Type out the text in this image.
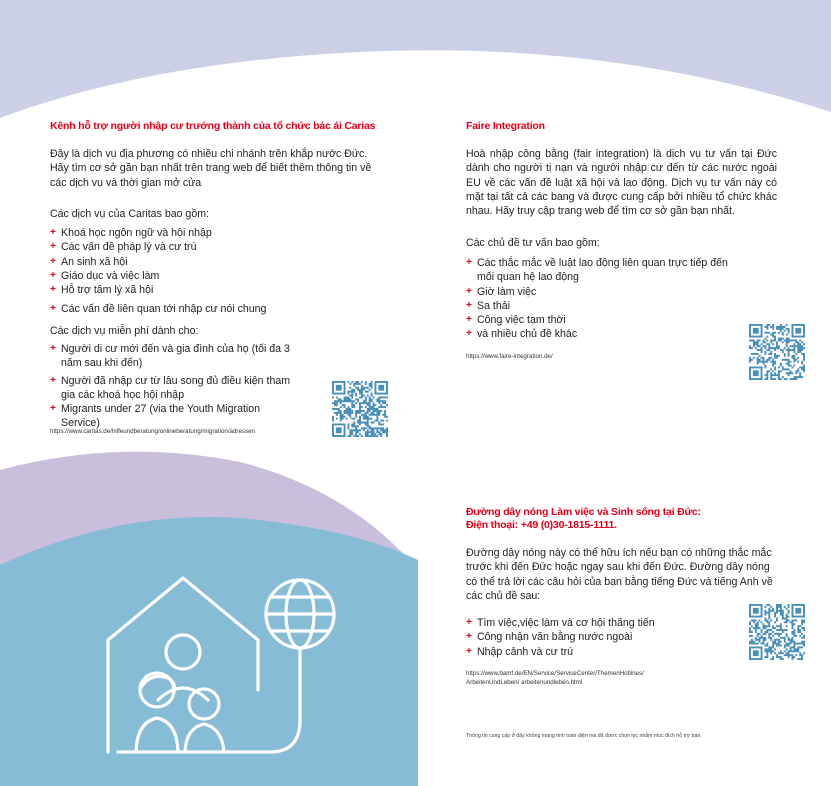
Kênh hỗ trợ người nhập cư trưởng thành của tổ chức bác ái Carias
Đây là dịch vụ địa phương có nhiều chi nhánh trên khắp nước Đức. Hãy tìm cơ sở gần bạn nhất trên trang web để biết thêm thông tin về các dịch vụ và thời gian mở cửa
Các dịch vụ của Caritas bao gồm:
+ Khoá học ngôn ngữ và hội nhập
+ Các vấn đề pháp lý và cư trú
+ An sinh xã hội
+ Giáo dục và việc làm
+ Hỗ trợ tâm lý xã hội
+ Các vấn đề liên quan tới nhập cư nói chung
Các dịch vụ miễn phí dành cho:
+ Người di cư mới đến và gia đình của họ (tối đa 3 năm sau khi đến)
+ Người đã nhập cư từ lâu song đủ điều kiện tham gia các khoá học hội nhập
+ Migrants under 27 (via the Youth Migration Service)
https://www.caritas.de/hilfeundberatung/onlineberatung/migration/adressen
Faire Integration
Hoà nhập công bằng (fair integration) là dịch vụ tư vấn tại Đức dành cho người tị nạn và người nhập cư đến từ các nước ngoài EU về các vấn đề luật xã hội và lao động. Dịch vụ tư vấn này có mặt tại tất cả các bang và được cung cấp bởi nhiều tổ chức khác nhau. Hãy truy cập trang web để tìm cơ sở gần bạn nhất.
Các chủ đề tư vấn bao gồm:
+ Các thắc mắc về luật lao động liên quan trực tiếp đến mối quan hệ lao động
+ Giờ làm việc
+ Sa thải
+ Công việc tạm thời
+ và nhiều chủ đề khác
https://www.faire-integration.de/
Đường dây nóng Làm việc và Sinh sống tại Đức:
Điện thoại: +49 (0)30-1815-1111.
Đường dây nóng này có thể hữu ích nếu bạn có những thắc mắc trước khi đến Đức hoặc ngay sau khi đến Đức. Đường dây nóng có thể trả lời các câu hỏi của bạn bằng tiếng Đức và tiếng Anh về các chủ đề sau:
+ Tìm việc,việc làm và cơ hội thăng tiến
+ Công nhận văn bằng nước ngoài
+ Nhập cảnh và cư trú
https://www.bamf.de/EN/Service/ServiceCenter/ThemenHotlines/
ArbeitenUndLeben/ arbeitenundleben.html
Thông tin cung cấp ở đây không mang tính toàn diện mà đã được chọn lọc nhằm mục đích hỗ trợ bạn.
